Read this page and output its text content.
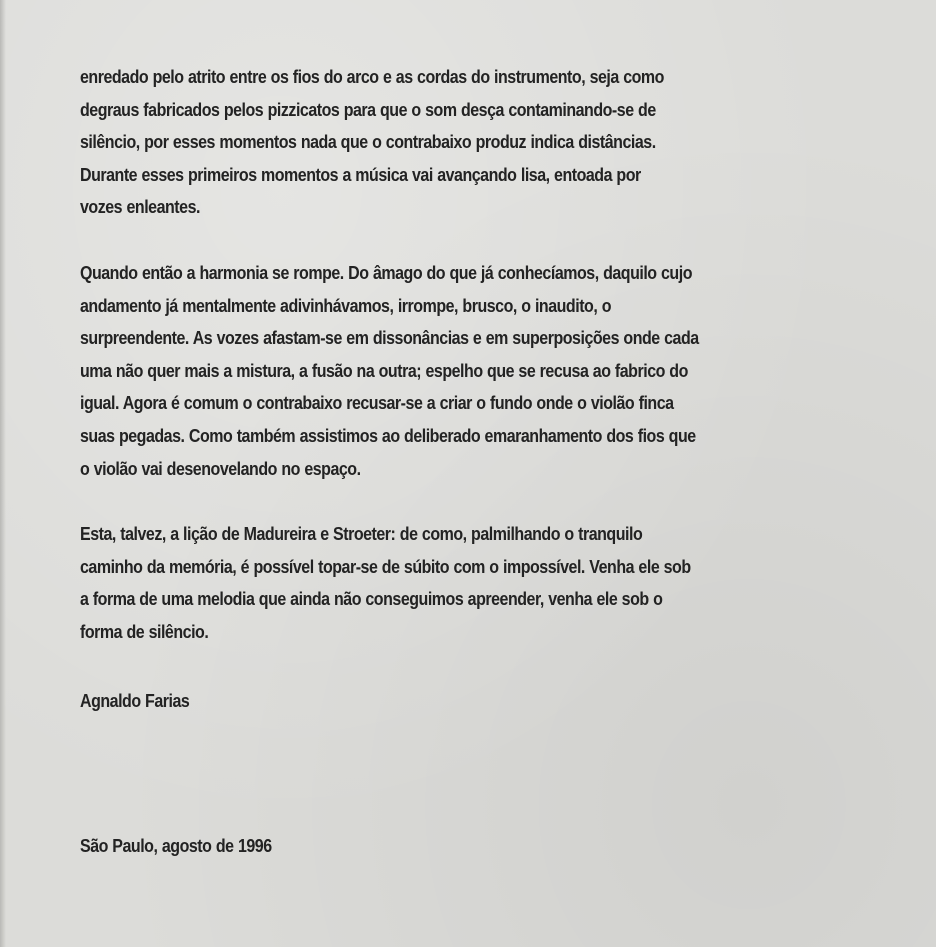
enredado pelo atrito entre os fios do arco e as cordas do instrumento, seja como
degraus fabricados pelos pizzicatos para que o som desça contaminando-se de
silêncio, por esses momentos nada que o contrabaixo produz indica distâncias.
Durante esses primeiros momentos a música vai avançando lisa, entoada por
vozes enleantes.

Quando então a harmonia se rompe. Do âmago do que já conhecíamos, daquilo cujo
andamento já mentalmente adivinhávamos, irrompe, brusco, o inaudito, o
surpreendente. As vozes afastam-se em dissonâncias e em superposições onde cada
uma não quer mais a mistura, a fusão na outra; espelho que se recusa ao fabrico do
igual. Agora é comum o contrabaixo recusar-se a criar o fundo onde o violão finca
suas pegadas. Como também assistimos ao deliberado emaranhamento dos fios que
o violão vai desenovelando no espaço.

Esta, talvez, a lição de Madureira e Stroeter: de como, palmilhando o tranquilo
caminho da memória, é possível topar-se de súbito com o impossível. Venha ele sob
a forma de uma melodia que ainda não conseguimos apreender, venha ele sob o
forma de silêncio.

Agnaldo Farias

São Paulo, agosto de 1996
